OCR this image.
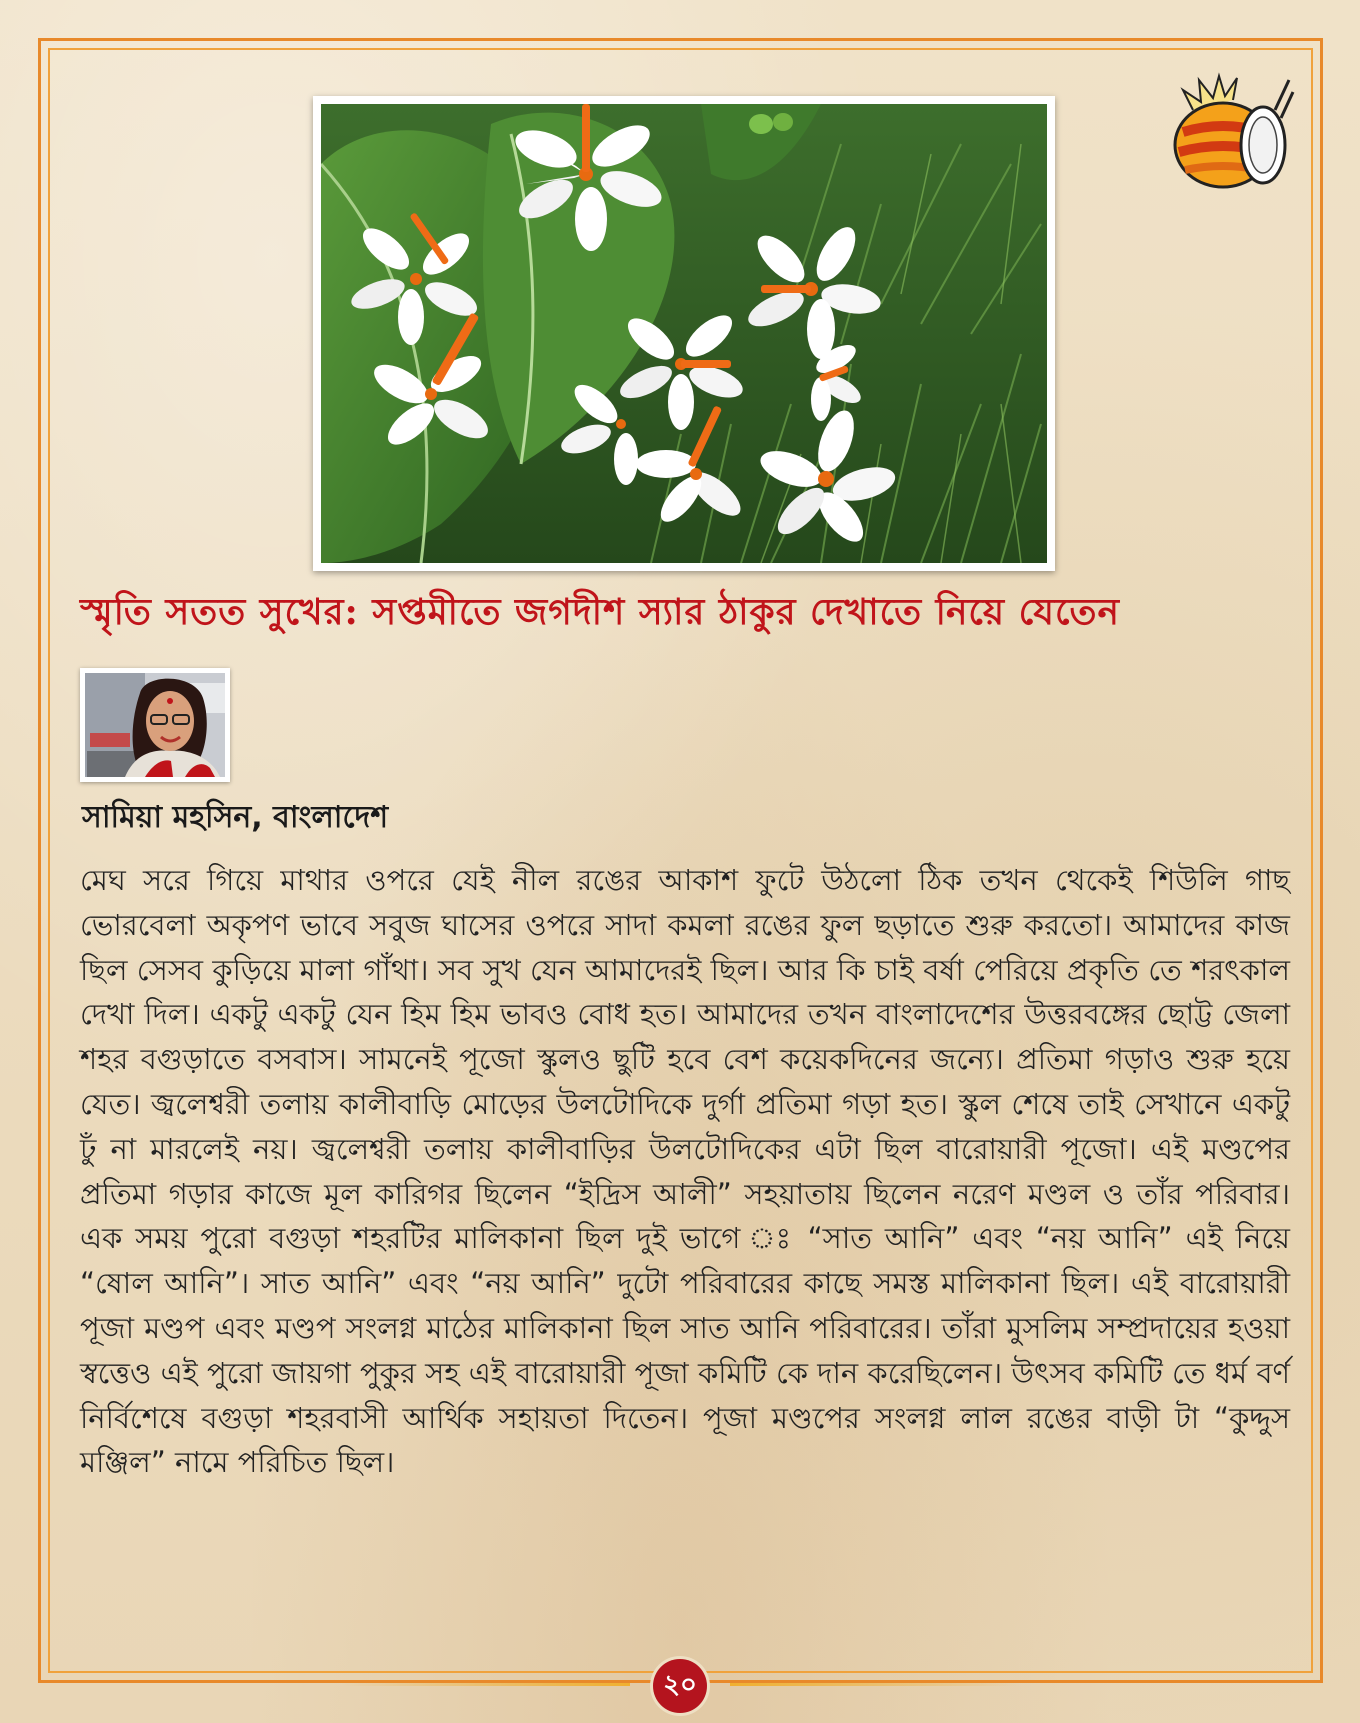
স্মৃতি সতত সুখের: সপ্তমীতে জগদীশ স্যার ঠাকুর দেখাতে নিয়ে যেতেন
সামিয়া মহসিন, বাংলাদেশ

মেঘ সরে গিয়ে মাথার ওপরে যেই নীল রঙের আকাশ ফুটে উঠলো ঠিক তখন থেকেই শিউলি গাছ ভোরবেলা অকৃপণ ভাবে সবুজ ঘাসের ওপরে সাদা কমলা রঙের ফুল ছড়াতে শুরু করতো। আমাদের কাজ ছিল সেসব কুড়িয়ে মালা গাঁথা। সব সুখ যেন আমাদেরই ছিল। আর কি চাই বর্ষা পেরিয়ে প্রকৃতি তে শরৎকাল দেখা দিল। একটু একটু যেন হিম হিম ভাবও বোধ হত। আমাদের তখন বাংলাদেশের উত্তরবঙ্গের ছোট্ট জেলা শহর বগুড়াতে বসবাস। সামনেই পূজো স্কুলও ছুটি হবে বেশ কয়েকদিনের জন্যে। প্রতিমা গড়াও শুরু হয়ে যেত। জ্বলেশ্বরী তলায় কালীবাড়ি মোড়ের উলটোদিকে দুর্গা প্রতিমা গড়া হত। স্কুল শেষে তাই সেখানে একটু ঢুঁ না মারলেই নয়। জ্বলেশ্বরী তলায় কালীবাড়ির উলটোদিকের এটা ছিল বারোয়ারী পূজো। এই মণ্ডপের প্রতিমা গড়ার কাজে মূল কারিগর ছিলেন “ইদ্রিস আলী” সহয়াতায় ছিলেন নরেণ মণ্ডল ও তাঁর পরিবার। এক সময় পুরো বগুড়া শহরটির মালিকানা ছিল দুই ভাগে ঃ “সাত আনি” এবং “নয় আনি” এই নিয়ে “ষোল আনি”। সাত আনি” এবং “নয় আনি” দুটো পরিবারের কাছে সমস্ত মালিকানা ছিল। এই বারোয়ারী পূজা মণ্ডপ এবং মণ্ডপ সংলগ্ন মাঠের মালিকানা ছিল সাত আনি পরিবারের। তাঁরা মুসলিম সম্প্রদায়ের হওয়া স্বত্তেও এই পুরো জায়গা পুকুর সহ এই বারোয়ারী পূজা কমিটি কে দান করেছিলেন। উৎসব কমিটি তে ধর্ম বর্ণ নির্বিশেষে বগুড়া শহরবাসী আর্থিক সহায়তা দিতেন। পূজা মণ্ডপের সংলগ্ন লাল রঙের বাড়ী টা “কুদ্দুস মঞ্জিল” নামে পরিচিত ছিল।

২০
